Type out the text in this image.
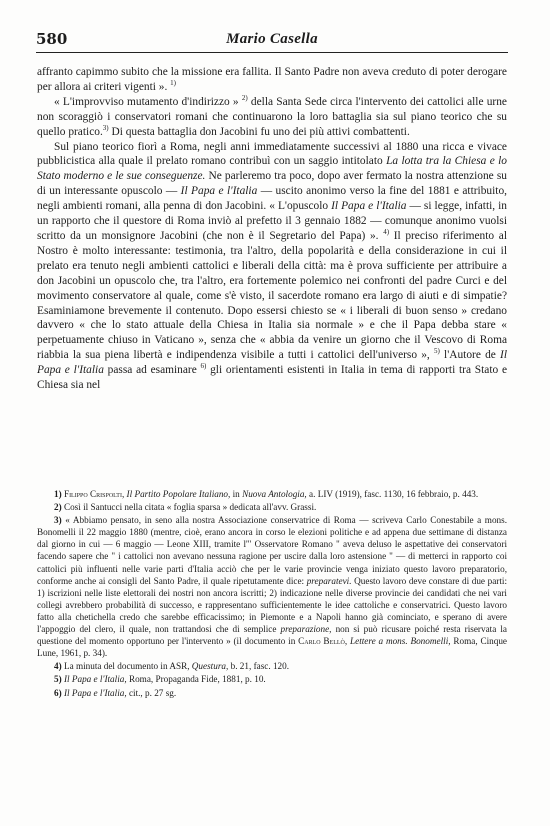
580	Mario Casella

affranto capimmo subito che la missione era fallita. Il Santo Padre non aveva creduto di poter derogare per allora ai criteri vigenti ». $^{1)}$

« L'improvviso mutamento d'indirizzo » $^{2)}$ della Santa Sede circa l'intervento dei cattolici alle urne non scoraggiò i conservatori romani che continuarono la loro battaglia sia sul piano teorico che su quello pratico.$^{3)}$ Di questa battaglia don Jacobini fu uno dei più attivi combattenti.

Sul piano teorico fiorì a Roma, negli anni immediatamente successivi al 1880 una ricca e vivace pubblicistica alla quale il prelato romano contribuì con un saggio intitolato La lotta tra la Chiesa e lo Stato moderno e le sue conseguenze. Ne parleremo tra poco, dopo aver fermato la nostra attenzione su di un interessante opuscolo — Il Papa e l'Italia — uscito anonimo verso la fine del 1881 e attribuito, negli ambienti romani, alla penna di don Jacobini. « L'opuscolo Il Papa e l'Italia — si legge, infatti, in un rapporto che il questore di Roma inviò al prefetto il 3 gennaio 1882 — comunque anonimo vuolsi scritto da un monsignore Jacobini (che non è il Segretario del Papa) ». $^{4)}$ Il preciso riferimento al Nostro è molto interessante: testimonia, tra l'altro, della popolarità e della considerazione in cui il prelato era tenuto negli ambienti cattolici e liberali della città: ma è prova sufficiente per attribuire a don Jacobini un opuscolo che, tra l'altro, era fortemente polemico nei confronti del padre Curci e del movimento conservatore al quale, come s'è visto, il sacerdote romano era largo di aiuti e di simpatie? Esaminiamone brevemente il contenuto. Dopo essersi chiesto se « i liberali di buon senso » credano davvero « che lo stato attuale della Chiesa in Italia sia normale » e che il Papa debba stare « perpetuamente chiuso in Vaticano », senza che « abbia da venire un giorno che il Vescovo di Roma riabbia la sua piena libertà e indipendenza visibile a tutti i cattolici dell'universo », $^{5)}$ l'Autore de Il Papa e l'Italia passa ad esaminare $^{6)}$ gli orientamenti esistenti in Italia in tema di rapporti tra Stato e Chiesa sia nel

1) Filippo Crispolti, Il Partito Popolare Italiano, in Nuova Antologia, a. LIV (1919), fasc. 1130, 16 febbraio, p. 443.

2) Così il Santucci nella citata « foglia sparsa » dedicata all'avv. Grassi.

3) « Abbiamo pensato, in seno alla nostra Associazione conservatrice di Roma — scriveva Carlo Conestabile a mons. Bonomelli il 22 maggio 1880 (mentre, cioè, erano ancora in corso le elezioni politiche e ad appena due settimane di distanza dal giorno in cui — 6 maggio — Leone XIII, tramite l'" Osservatore Romano " aveva deluso le aspettative dei conservatori facendo sapere che " i cattolici non avevano nessuna ragione per uscire dalla loro astensione " — di metterci in rapporto coi cattolici più influenti nelle varie parti d'Italia acciò che per le varie provincie venga iniziato questo lavoro preparatorio, conforme anche ai consigli del Santo Padre, il quale ripetutamente dice: preparatevi. Questo lavoro deve constare di due parti: 1) iscrizioni nelle liste elettorali dei nostri non ancora iscritti; 2) indicazione nelle diverse provincie dei candidati che nei vari collegi avrebbero probabilità di successo, e rappresentano sufficientemente le idee cattoliche e conservatrici. Questo lavoro fatto alla chetichella credo che sarebbe efficacissimo; in Piemonte e a Napoli hanno già cominciato, e sperano di avere l'appoggio del clero, il quale, non trattandosi che di semplice preparazione, non si può ricusare poiché resta riservata la questione del momento opportuno per l'intervento » (il documento in Carlo Bellò, Lettere a mons. Bonomelli, Roma, Cinque Lune, 1961, p. 34).

4) La minuta del documento in ASR, Questura, b. 21, fasc. 120.

5) Il Papa e l'Italia, Roma, Propaganda Fide, 1881, p. 10.

6) Il Papa e l'Italia, cit., p. 27 sg.
